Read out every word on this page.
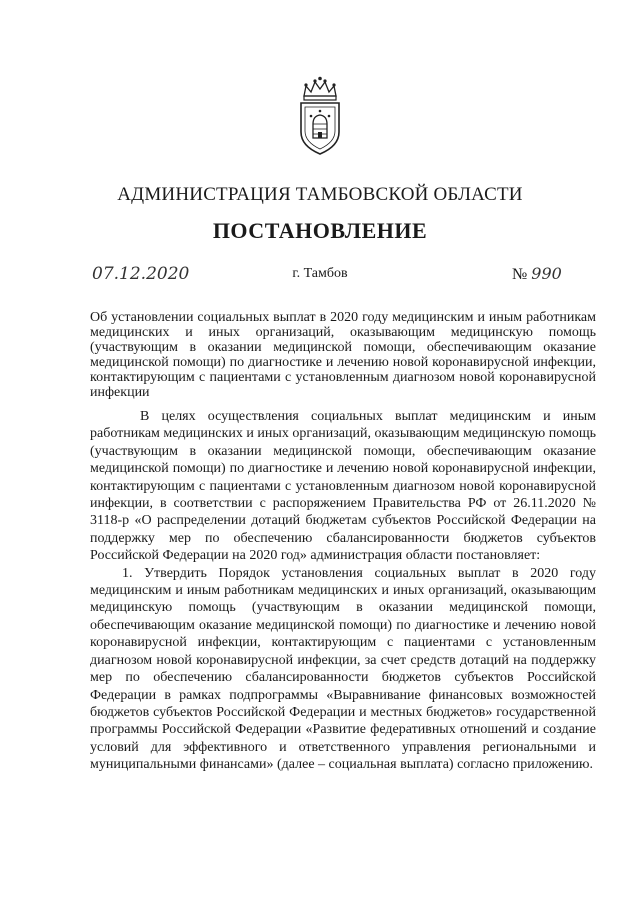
АДМИНИСТРАЦИЯ ТАМБОВСКОЙ ОБЛАСТИ
ПОСТАНОВЛЕНИЕ
07.12.2020	г. Тамбов	№ 990
Об установлении социальных выплат в 2020 году медицинским и иным работникам медицинских и иных организаций, оказывающим медицинскую помощь (участвующим в оказании медицинской помощи, обеспечивающим оказание медицинской помощи) по диагностике и лечению новой коронавирусной инфекции, контактирующим с пациентами с установленным диагнозом новой коронавирусной инфекции

В целях осуществления социальных выплат медицинским и иным работникам медицинских и иных организаций, оказывающим медицинскую помощь (участвующим в оказании медицинской помощи, обеспечивающим оказание медицинской помощи) по диагностике и лечению новой коронавирусной инфекции, контактирующим с пациентами с установленным диагнозом новой коронавирусной инфекции, в соответствии с распоряжением Правительства РФ от 26.11.2020 № 3118-р «О распределении дотаций бюджетам субъектов Российской Федерации на поддержку мер по обеспечению сбалансированности бюджетов субъектов Российской Федерации на 2020 год» администрация области постановляет:

1. Утвердить Порядок установления социальных выплат в 2020 году медицинским и иным работникам медицинских и иных организаций, оказывающим медицинскую помощь (участвующим в оказании медицинской помощи, обеспечивающим оказание медицинской помощи) по диагностике и лечению новой коронавирусной инфекции, контактирующим с пациентами с установленным диагнозом новой коронавирусной инфекции, за счет средств дотаций на поддержку мер по обеспечению сбалансированности бюджетов субъектов Российской Федерации в рамках подпрограммы «Выравнивание финансовых возможностей бюджетов субъектов Российской Федерации и местных бюджетов» государственной программы Российской Федерации «Развитие федеративных отношений и создание условий для эффективного и ответственного управления региональными и муниципальными финансами» (далее – социальная выплата) согласно приложению.
